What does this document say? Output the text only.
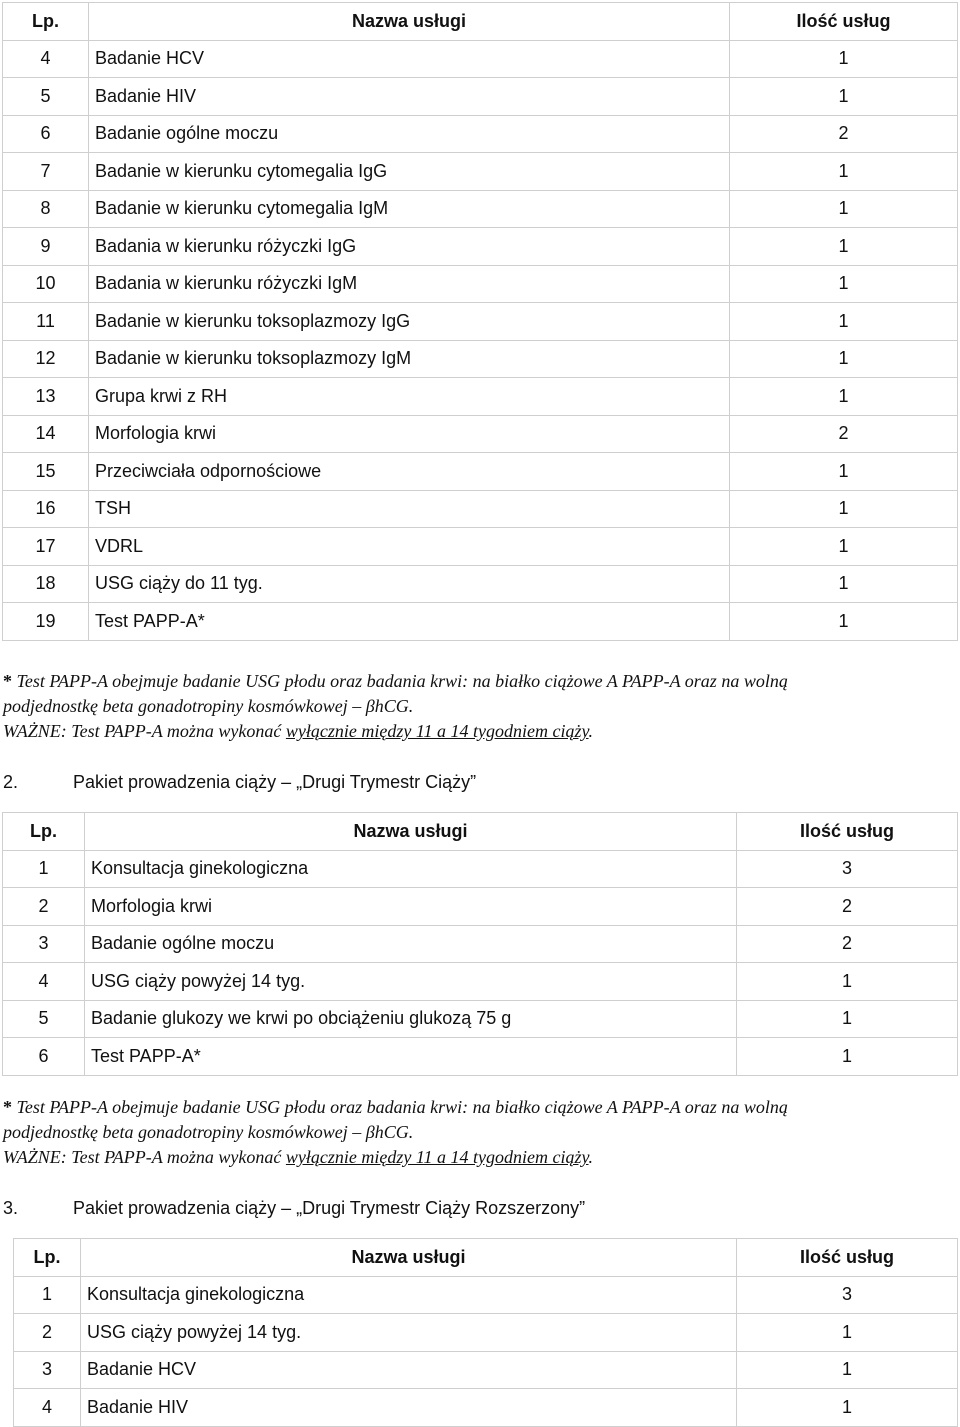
Lp.	Nazwa usługi	Ilość usług
4	Badanie HCV	1
5	Badanie HIV	1
6	Badanie ogólne moczu	2
7	Badanie w kierunku cytomegalia IgG	1
8	Badanie w kierunku cytomegalia IgM	1
9	Badania w kierunku różyczki IgG	1
10	Badania w kierunku różyczki IgM	1
11	Badanie w kierunku toksoplazmozy IgG	1
12	Badanie w kierunku toksoplazmozy IgM	1
13	Grupa krwi z RH	1
14	Morfologia krwi	2
15	Przeciwciała odpornościowe	1
16	TSH	1
17	VDRL	1
18	USG ciąży do 11 tyg.	1
19	Test PAPP-A*	1
* Test PAPP-A obejmuje badanie USG płodu oraz badania krwi: na białko ciążowe A PAPP-A oraz na wolną
podjednostkę beta gonadotropiny kosmówkowej – βhCG.
WAŻNE: Test PAPP-A można wykonać wyłącznie między 11 a 14 tygodniem ciąży.
2.	Pakiet prowadzenia ciąży – „Drugi Trymestr Ciąży”
Lp.	Nazwa usługi	Ilość usług
1	Konsultacja ginekologiczna	3
2	Morfologia krwi	2
3	Badanie ogólne moczu	2
4	USG ciąży powyżej 14 tyg.	1
5	Badanie glukozy we krwi po obciążeniu glukozą 75 g	1
6	Test PAPP-A*	1
* Test PAPP-A obejmuje badanie USG płodu oraz badania krwi: na białko ciążowe A PAPP-A oraz na wolną
podjednostkę beta gonadotropiny kosmówkowej – βhCG.
WAŻNE: Test PAPP-A można wykonać wyłącznie między 11 a 14 tygodniem ciąży.
3.	Pakiet prowadzenia ciąży – „Drugi Trymestr Ciąży Rozszerzony”
Lp.	Nazwa usługi	Ilość usług
1	Konsultacja ginekologiczna	3
2	USG ciąży powyżej 14 tyg.	1
3	Badanie HCV	1
4	Badanie HIV	1
